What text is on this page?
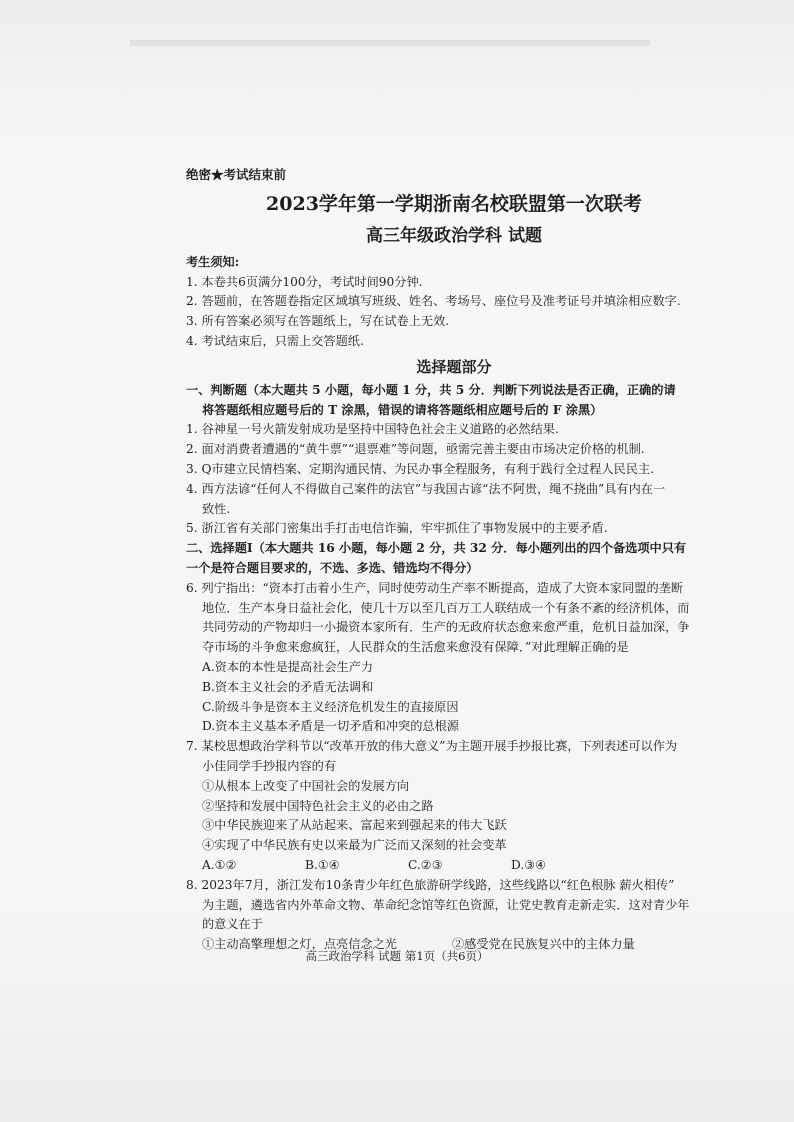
绝密★考试结束前
2023学年第一学期浙南名校联盟第一次联考
高三年级政治学科 试题
考生须知:
1. 本卷共6页满分100分，考试时间90分钟.
2. 答题前，在答题卷指定区域填写班级、姓名、考场号、座位号及准考证号并填涂相应数字.
3. 所有答案必须写在答题纸上，写在试卷上无效.
4. 考试结束后，只需上交答题纸.
选择题部分
一、判断题（本大题共 5 小题，每小题 1 分，共 5 分．判断下列说法是否正确，正确的请
将答题纸相应题号后的 T 涂黑，错误的请将答题纸相应题号后的 F 涂黑）
1. 谷神星一号火箭发射成功是坚持中国特色社会主义道路的必然结果.
2. 面对消费者遭遇的“黄牛票”“退票难”等问题，亟需完善主要由市场决定价格的机制.
3. Q市建立民情档案、定期沟通民情、为民办事全程服务，有利于践行全过程人民民主.
4. 西方法谚“任何人不得做自己案件的法官”与我国古谚“法不阿贵，绳不挠曲”具有内在一
致性.
5. 浙江省有关部门密集出手打击电信诈骗，牢牢抓住了事物发展中的主要矛盾.
二、选择题Ⅰ（本大题共 16 小题，每小题 2 分，共 32 分．每小题列出的四个备选项中只有
一个是符合题目要求的，不选、多选、错选均不得分）
6. 列宁指出：“资本打击着小生产，同时使劳动生产率不断提高，造成了大资本家同盟的垄断
地位．生产本身日益社会化，使几十万以至几百万工人联结成一个有条不紊的经济机体，而
共同劳动的产物却归一小撮资本家所有．生产的无政府状态愈来愈严重，危机日益加深，争
夺市场的斗争愈来愈疯狂，人民群众的生活愈来愈没有保障．”对此理解正确的是
A.资本的本性是提高社会生产力
B.资本主义社会的矛盾无法调和
C.阶级斗争是资本主义经济危机发生的直接原因
D.资本主义基本矛盾是一切矛盾和冲突的总根源
7. 某校思想政治学科节以“改革开放的伟大意义”为主题开展手抄报比赛，下列表述可以作为
小佳同学手抄报内容的有
①从根本上改变了中国社会的发展方向
②坚持和发展中国特色社会主义的必由之路
③中华民族迎来了从站起来、富起来到强起来的伟大飞跃
④实现了中华民族有史以来最为广泛而又深刻的社会变革
A.①②	B.①④	C.②③	D.③④
8. 2023年7月，浙江发布10条青少年红色旅游研学线路，这些线路以“红色根脉 薪火相传”
为主题，遴选省内外革命文物、革命纪念馆等红色资源，让党史教育走新走实．这对青少年
的意义在于
①主动高擎理想之灯，点亮信念之光	②感受党在民族复兴中的主体力量
高三政治学科 试题 第1页（共6页）
